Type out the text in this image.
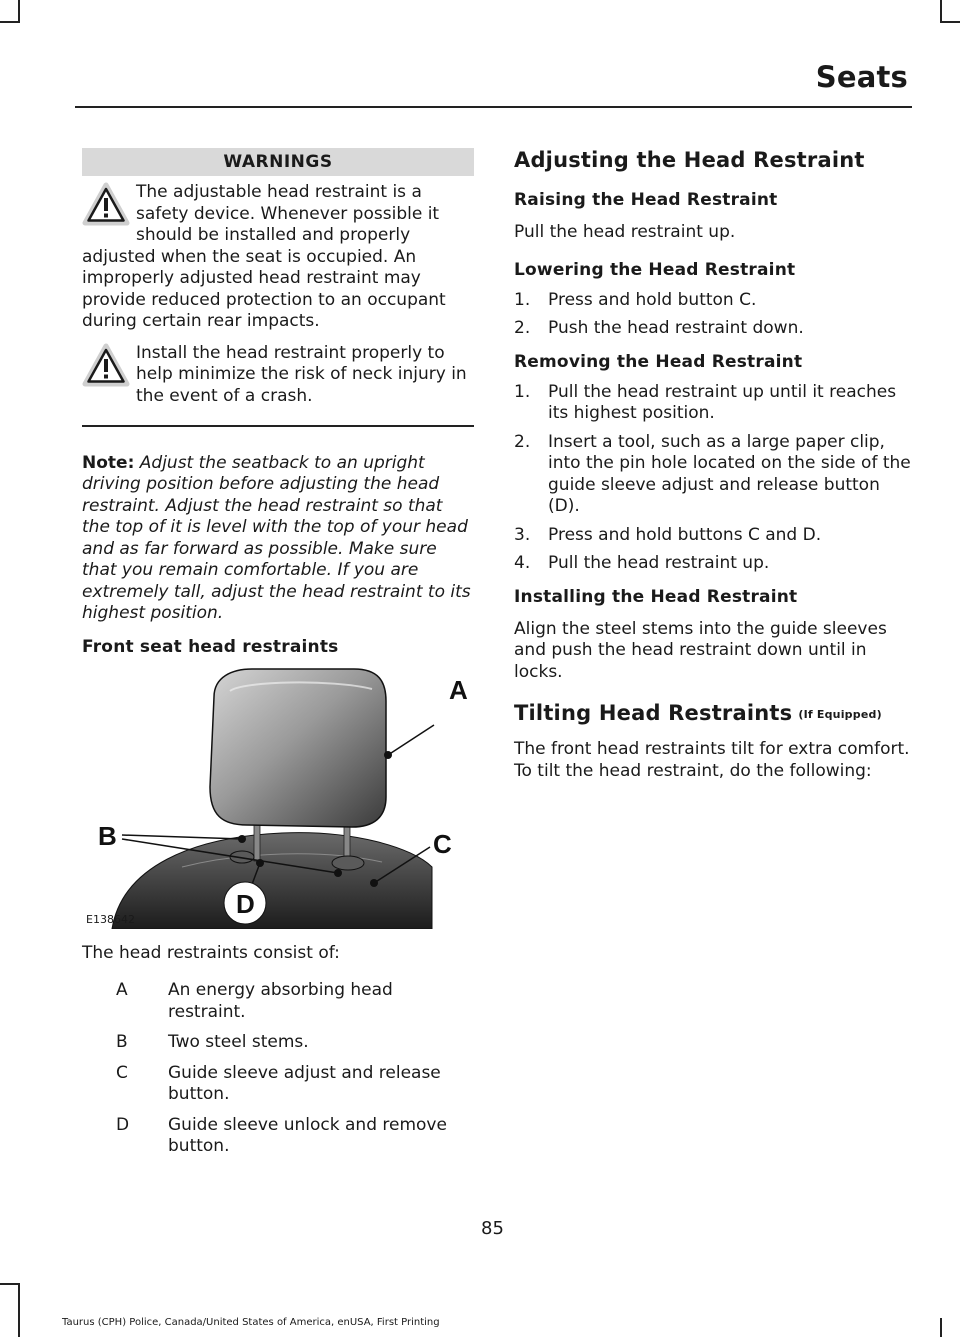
Seats
WARNINGS
The adjustable head restraint is a safety device. Whenever possible it should be installed and properly adjusted when the seat is occupied. An improperly adjusted head restraint may provide reduced protection to an occupant during certain rear impacts.
Install the head restraint properly to help minimize the risk of neck injury in the event of a crash.
Note: Adjust the seatback to an upright driving position before adjusting the head restraint. Adjust the head restraint so that the top of it is level with the top of your head and as far forward as possible. Make sure that you remain comfortable. If you are extremely tall, adjust the head restraint to its highest position.
Front seat head restraints
A
B	C
D
E138642
The head restraints consist of:
A	An energy absorbing head restraint.
B	Two steel stems.
C	Guide sleeve adjust and release button.
D	Guide sleeve unlock and remove button.
Adjusting the Head Restraint
Raising the Head Restraint
Pull the head restraint up.
Lowering the Head Restraint
1.	Press and hold button C.
2.	Push the head restraint down.
Removing the Head Restraint
1.	Pull the head restraint up until it reaches its highest position.
2.	Insert a tool, such as a large paper clip, into the pin hole located on the side of the guide sleeve adjust and release button (D).
3.	Press and hold buttons C and D.
4.	Pull the head restraint up.
Installing the Head Restraint
Align the steel stems into the guide sleeves and push the head restraint down until in locks.
Tilting Head Restraints (If Equipped)
The front head restraints tilt for extra comfort. To tilt the head restraint, do the following:
85
Taurus (CPH) Police, Canada/United States of America, enUSA, First Printing
